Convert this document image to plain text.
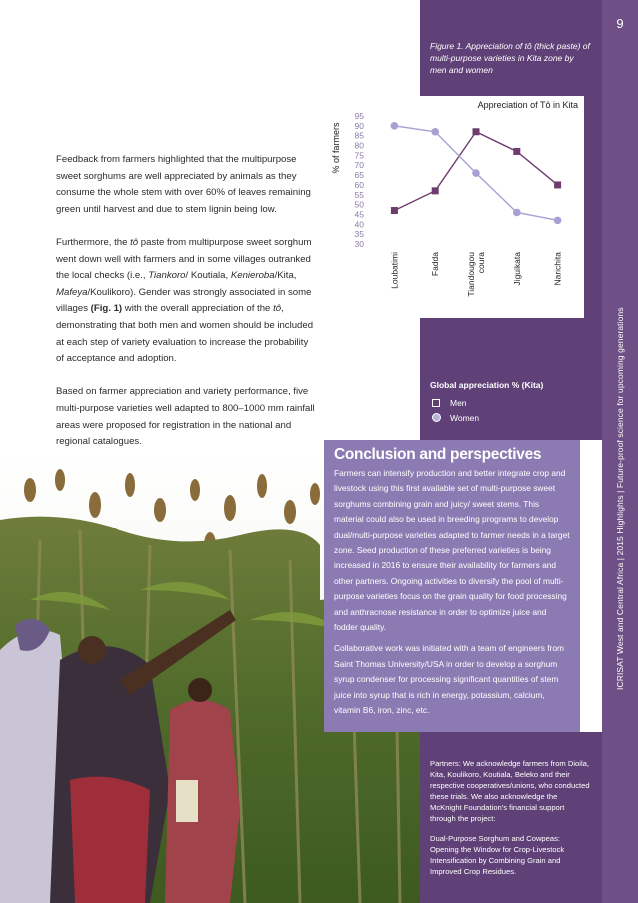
9
ICRISAT West and Central Africa | 2015 Highlights | Future-proof science for upcoming generations
Figure 1. Appreciation of tô (thick paste) of multi-purpose varieties in Kita zone by men and women
Appreciation of Tô in Kita
% of farmers
30
35
40
45
50
55
60
65
70
75
80
85
90
95
Loubatimi	Fadda	Tiandougoucoura	Jiguikata	Narichita
Global appreciation % (Kita)
Men
Women

Feedback from farmers highlighted that the multipurpose sweet sorghums are well appreciated by animals as they consume the whole stem with over 60% of leaves remaining green until harvest and due to stem lignin being low.

Furthermore, the tô paste from multipurpose sweet sorghum went down well with farmers and in some villages outranked the local checks (i.e., Tiankoro/ Koutiala, Kenieroba/Kita, Mafeya/Koulikoro). Gender was strongly associated in some villages (Fig. 1) with the overall appreciation of the tô, demonstrating that both men and women should be included at each step of variety evaluation to increase the probability of acceptance and adoption.

Based on farmer appreciation and variety performance, five multi-purpose varieties well adapted to 800–1000 mm rainfall areas were proposed for registration in the national and regional catalogues.

Conclusion and perspectives

Farmers can intensify production and better integrate crop and livestock using this first available set of multi-purpose sweet sorghums combining grain and juicy/ sweet stems. This material could also be used in breeding programs to develop dual/multi-purpose varieties adapted to farmer needs in a target zone. Seed production of these preferred varieties is being increased in 2016 to ensure their availability for farmers and other partners. Ongoing activities to diversify the pool of multi-purpose varieties focus on the grain quality for food processing and anthracnose resistance in order to optimize juice and fodder quality.

Collaborative work was initiated with a team of engineers from Saint Thomas University/USA in order to develop a sorghum syrup condenser for processing significant quantities of stem juice into syrup that is rich in energy, potassium, calcium, vitamin B6, iron, zinc, etc.

Partners: We acknowledge farmers from Dioila, Kita, Koulikoro, Koutiala, Beleko and their respective cooperatives/unions, who conducted these trials. We also acknowledge the McKnight Foundation's financial support through the project:

Dual-Purpose Sorghum and Cowpeas: Opening the Window for Crop-Livestock Intensification by Combining Grain and Improved Crop Residues.
